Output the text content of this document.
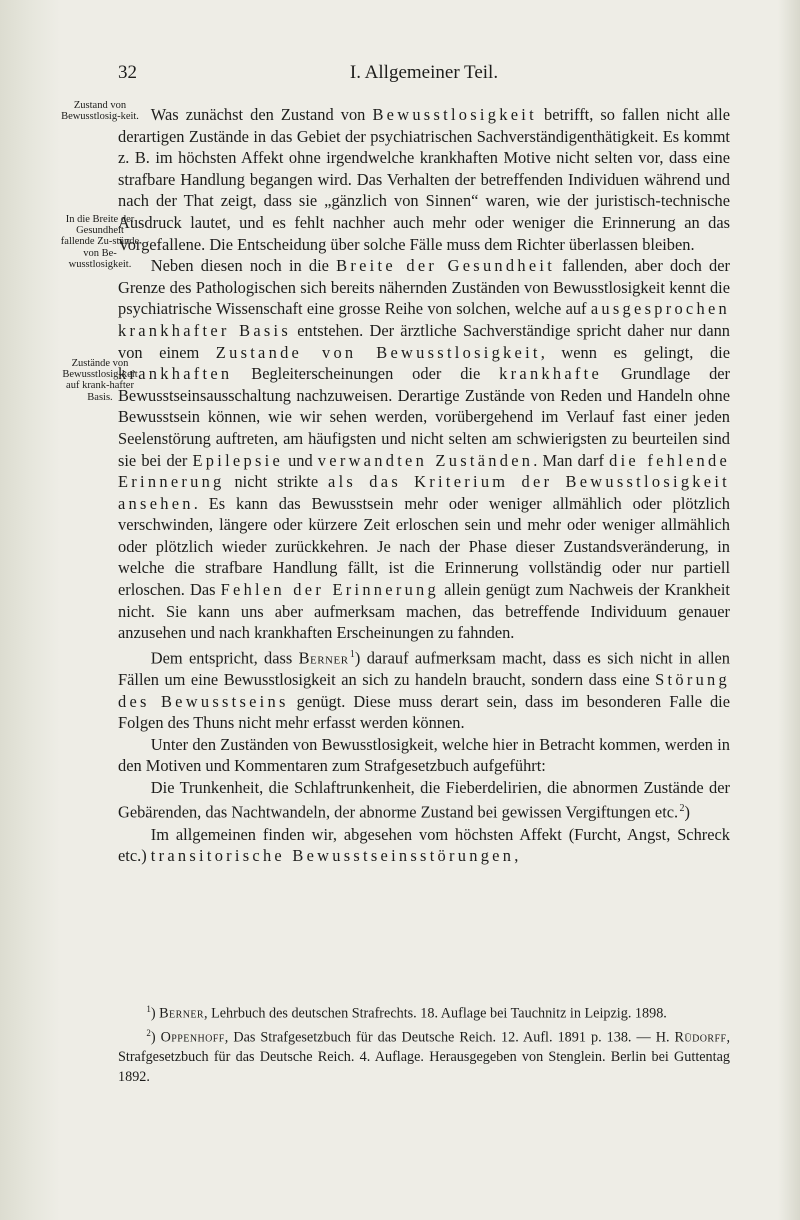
32	I. Allgemeiner Teil.
Zustand von Bewusstlosig-keit.
In die Breite der Gesundheit fallende Zu-stände von Be-wusstlosigkeit.
Zustände von Bewusstlosig-keit auf krank-hafter Basis.

Was zunächst den Zustand von Bewusstlosigkeit betrifft, so fallen nicht alle derartigen Zustände in das Gebiet der psychiatrischen Sachverständigenthätigkeit. Es kommt z. B. im höchsten Affekt ohne irgendwelche krankhaften Motive nicht selten vor, dass eine strafbare Handlung begangen wird. Das Verhalten der betreffenden Individuen während und nach der That zeigt, dass sie „gänzlich von Sinnen“ waren, wie der juristisch-technische Ausdruck lautet, und es fehlt nachher auch mehr oder weniger die Erinnerung an das Vorgefallene. Die Entscheidung über solche Fälle muss dem Richter überlassen bleiben.

Neben diesen noch in die Breite der Gesundheit fallenden, aber doch der Grenze des Pathologischen sich bereits nähernden Zuständen von Bewusstlosigkeit kennt die psychiatrische Wissenschaft eine grosse Reihe von solchen, welche auf ausgesprochen krankhafter Basis entstehen. Der ärztliche Sachverständige spricht daher nur dann von einem Zustande von Bewusstlosigkeit, wenn es gelingt, die krankhaften Begleiterscheinungen oder die krankhafte Grundlage der Bewusstseinsausschaltung nachzuweisen. Derartige Zustände von Reden und Handeln ohne Bewusstsein können, wie wir sehen werden, vorübergehend im Verlauf fast einer jeden Seelenstörung auftreten, am häufigsten und nicht selten am schwierigsten zu beurteilen sind sie bei der Epilepsie und verwandten Zuständen. Man darf die fehlende Erinnerung nicht strikte als das Kriterium der Bewusstlosigkeit ansehen. Es kann das Bewusstsein mehr oder weniger allmählich oder plötzlich verschwinden, längere oder kürzere Zeit erloschen sein und mehr oder weniger allmählich oder plötzlich wieder zurückkehren. Je nach der Phase dieser Zustandsveränderung, in welche die strafbare Handlung fällt, ist die Erinnerung vollständig oder nur partiell erloschen. Das Fehlen der Erinnerung allein genügt zum Nachweis der Krankheit nicht. Sie kann uns aber aufmerksam machen, das betreffende Individuum genauer anzusehen und nach krankhaften Erscheinungen zu fahnden.

Dem entspricht, dass Berner $^1$) darauf aufmerksam macht, dass es sich nicht in allen Fällen um eine Bewusstlosigkeit an sich zu handeln braucht, sondern dass eine Störung des Bewusstseins genügt. Diese muss derart sein, dass im besonderen Falle die Folgen des Thuns nicht mehr erfasst werden können.

Unter den Zuständen von Bewusstlosigkeit, welche hier in Betracht kommen, werden in den Motiven und Kommentaren zum Strafgesetzbuch aufgeführt:

Die Trunkenheit, die Schlaftrunkenheit, die Fieberdelirien, die abnormen Zustände der Gebärenden, das Nachtwandeln, der abnorme Zustand bei gewissen Vergiftungen etc. $^2$)

Im allgemeinen finden wir, abgesehen vom höchsten Affekt (Furcht, Angst, Schreck etc.) transitorische Bewusstseinsstörungen,

$^1$) Berner, Lehrbuch des deutschen Strafrechts. 18. Auflage bei Tauchnitz in Leipzig. 1898.

$^2$) Oppenhoff, Das Strafgesetzbuch für das Deutsche Reich. 12. Aufl. 1891 p. 138. — H. Rüdorff, Strafgesetzbuch für das Deutsche Reich. 4. Auflage. Herausgegeben von Stenglein. Berlin bei Guttentag 1892.
